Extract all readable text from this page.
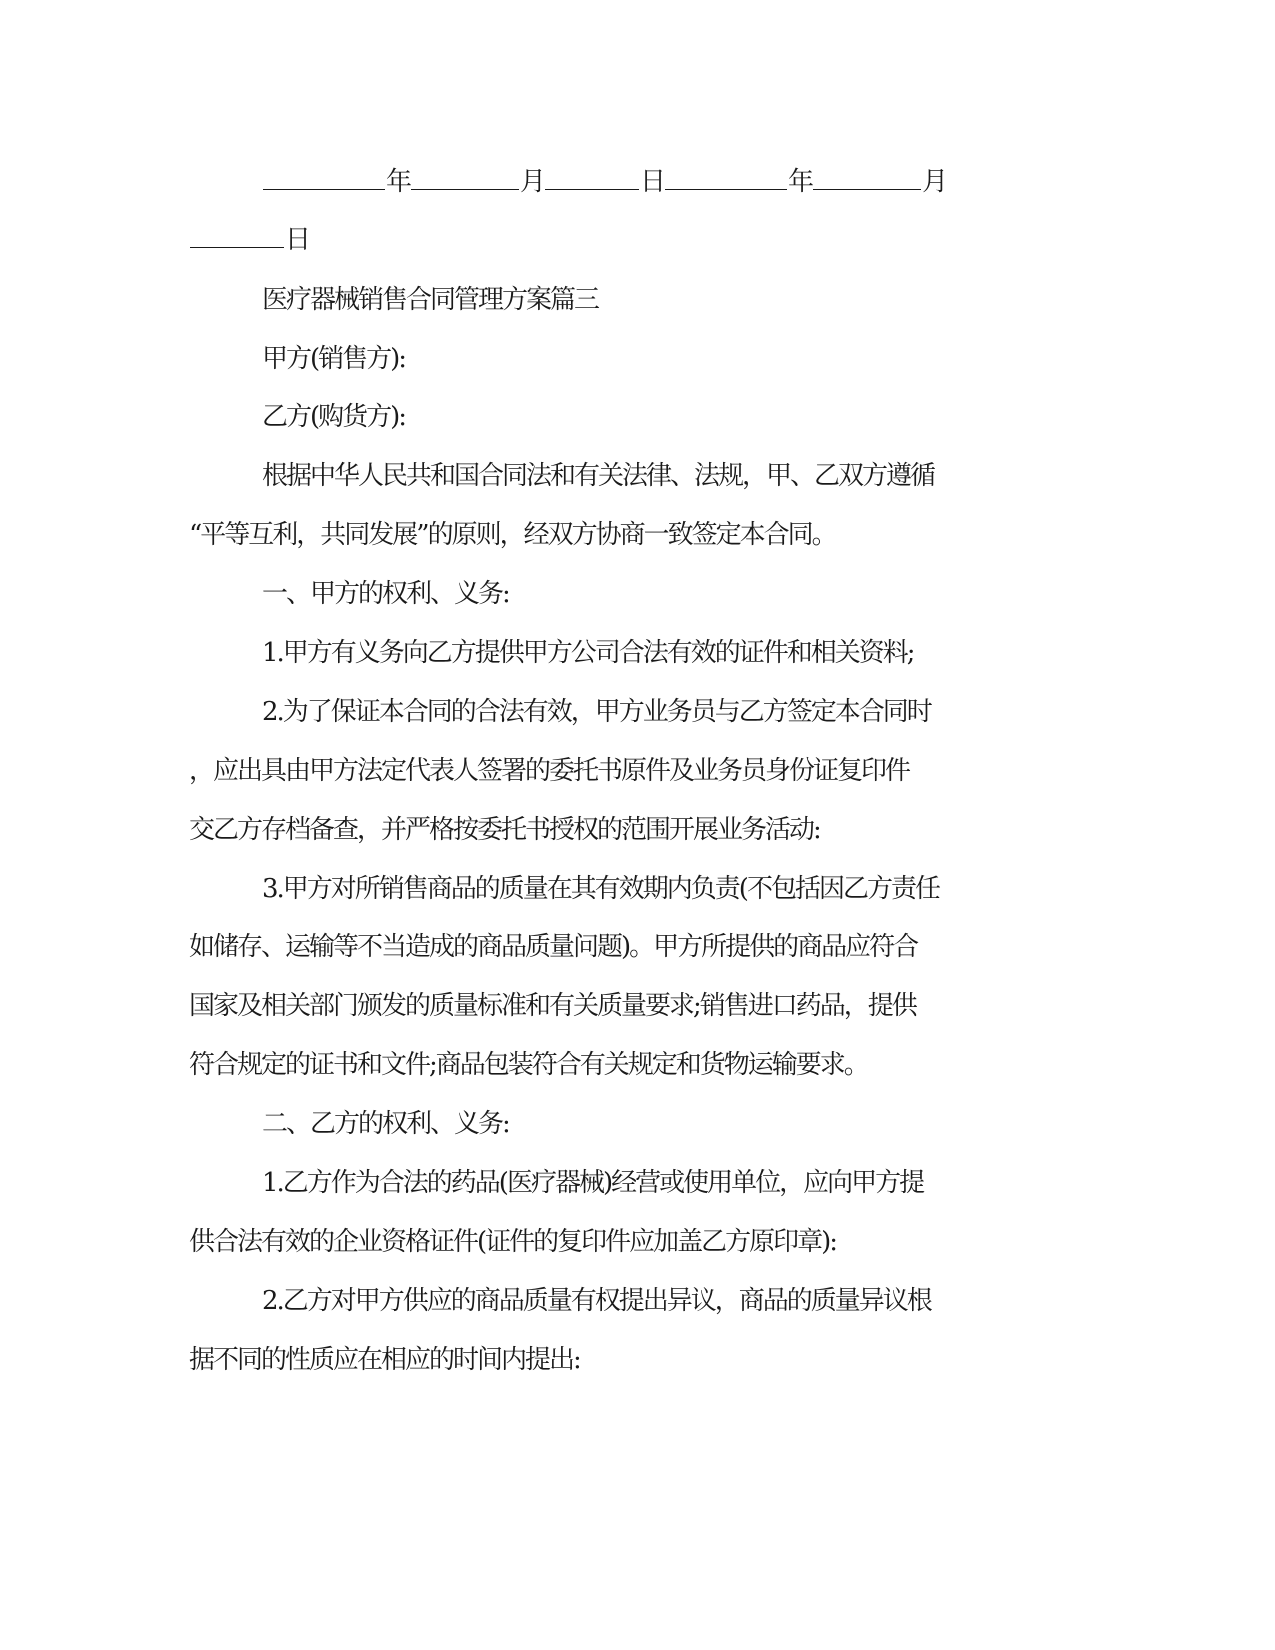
年	月	日	年	月
日
医疗器械销售合同管理方案篇三
甲方(销售方):
乙方(购货方):
根据中华人民共和国合同法和有关法律、法规，甲、乙双方遵循
“平等互利，共同发展”的原则，经双方协商一致签定本合同。
一、甲方的权利、义务:
1.甲方有义务向乙方提供甲方公司合法有效的证件和相关资料;
2.为了保证本合同的合法有效，甲方业务员与乙方签定本合同时
，应出具由甲方法定代表人签署的委托书原件及业务员身份证复印件
交乙方存档备查，并严格按委托书授权的范围开展业务活动:
3.甲方对所销售商品的质量在其有效期内负责(不包括因乙方责任
如储存、运输等不当造成的商品质量问题)。甲方所提供的商品应符合
国家及相关部门颁发的质量标准和有关质量要求;销售进口药品，提供
符合规定的证书和文件;商品包装符合有关规定和货物运输要求。
二、乙方的权利、义务:
1.乙方作为合法的药品(医疗器械)经营或使用单位，应向甲方提
供合法有效的企业资格证件(证件的复印件应加盖乙方原印章):
2.乙方对甲方供应的商品质量有权提出异议，商品的质量异议根
据不同的性质应在相应的时间内提出:
